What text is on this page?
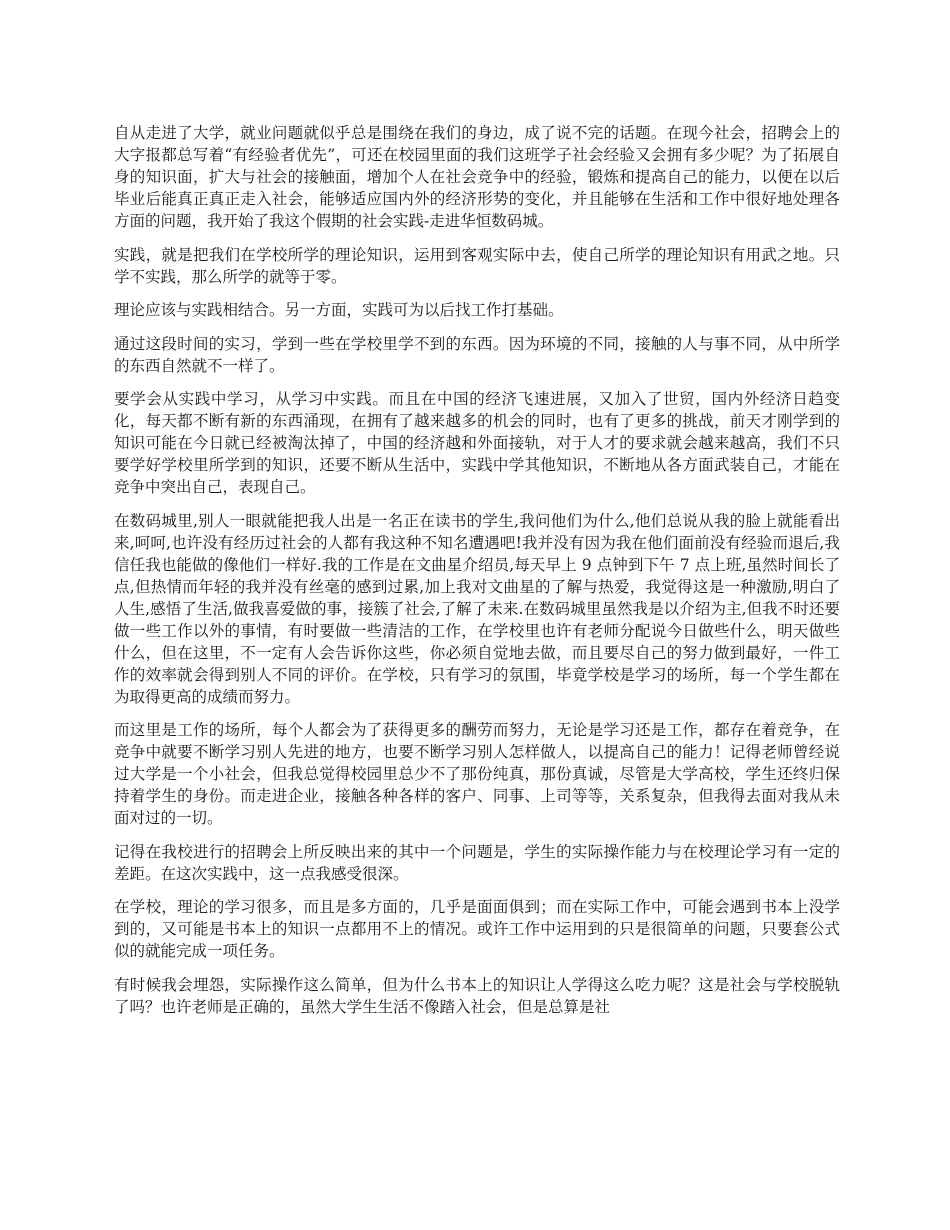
自从走进了大学，就业问题就似乎总是围绕在我们的身边，成了说不完的话题。在现今社会，招聘会上的大字报都总写着“有经验者优先”，可还在校园里面的我们这班学子社会经验又会拥有多少呢？为了拓展自身的知识面，扩大与社会的接触面，增加个人在社会竞争中的经验，锻炼和提高自己的能力，以便在以后毕业后能真正真正走入社会，能够适应国内外的经济形势的变化，并且能够在生活和工作中很好地处理各方面的问题，我开始了我这个假期的社会实践-走进华恒数码城。

实践，就是把我们在学校所学的理论知识，运用到客观实际中去，使自己所学的理论知识有用武之地。只学不实践，那么所学的就等于零。

理论应该与实践相结合。另一方面，实践可为以后找工作打基础。

通过这段时间的实习，学到一些在学校里学不到的东西。因为环境的不同，接触的人与事不同，从中所学的东西自然就不一样了。

要学会从实践中学习，从学习中实践。而且在中国的经济飞速进展，又加入了世贸，国内外经济日趋变化，每天都不断有新的东西涌现，在拥有了越来越多的机会的同时，也有了更多的挑战，前天才刚学到的知识可能在今日就已经被淘汰掉了，中国的经济越和外面接轨，对于人才的要求就会越来越高，我们不只要学好学校里所学到的知识，还要不断从生活中，实践中学其他知识，不断地从各方面武装自己，才能在竞争中突出自己，表现自己。

在数码城里,别人一眼就能把我人出是一名正在读书的学生,我问他们为什么,他们总说从我的脸上就能看出来,呵呵,也许没有经历过社会的人都有我这种不知名遭遇吧!我并没有因为我在他们面前没有经验而退后,我信任我也能做的像他们一样好.我的工作是在文曲星介绍员,每天早上 9 点钟到下午 7 点上班,虽然时间长了点,但热情而年轻的我并没有丝毫的感到过累,加上我对文曲星的了解与热爱，我觉得这是一种激励,明白了人生,感悟了生活,做我喜爱做的事，接簇了社会,了解了未来.在数码城里虽然我是以介绍为主,但我不时还要做一些工作以外的事情，有时要做一些清洁的工作，在学校里也许有老师分配说今日做些什么，明天做些什么，但在这里，不一定有人会告诉你这些，你必须自觉地去做，而且要尽自己的努力做到最好，一件工作的效率就会得到别人不同的评价。在学校，只有学习的氛围，毕竟学校是学习的场所，每一个学生都在为取得更高的成绩而努力。

而这里是工作的场所，每个人都会为了获得更多的酬劳而努力，无论是学习还是工作，都存在着竞争，在竞争中就要不断学习别人先进的地方，也要不断学习别人怎样做人，以提高自己的能力！记得老师曾经说过大学是一个小社会，但我总觉得校园里总少不了那份纯真，那份真诚，尽管是大学高校，学生还终归保持着学生的身份。而走进企业，接触各种各样的客户、同事、上司等等，关系复杂，但我得去面对我从未面对过的一切。

记得在我校进行的招聘会上所反映出来的其中一个问题是，学生的实际操作能力与在校理论学习有一定的差距。在这次实践中，这一点我感受很深。

在学校，理论的学习很多，而且是多方面的，几乎是面面俱到；而在实际工作中，可能会遇到书本上没学到的，又可能是书本上的知识一点都用不上的情况。或许工作中运用到的只是很简单的问题，只要套公式似的就能完成一项任务。

有时候我会埋怨，实际操作这么简单，但为什么书本上的知识让人学得这么吃力呢？这是社会与学校脱轨了吗？也许老师是正确的，虽然大学生生活不像踏入社会，但是总算是社
